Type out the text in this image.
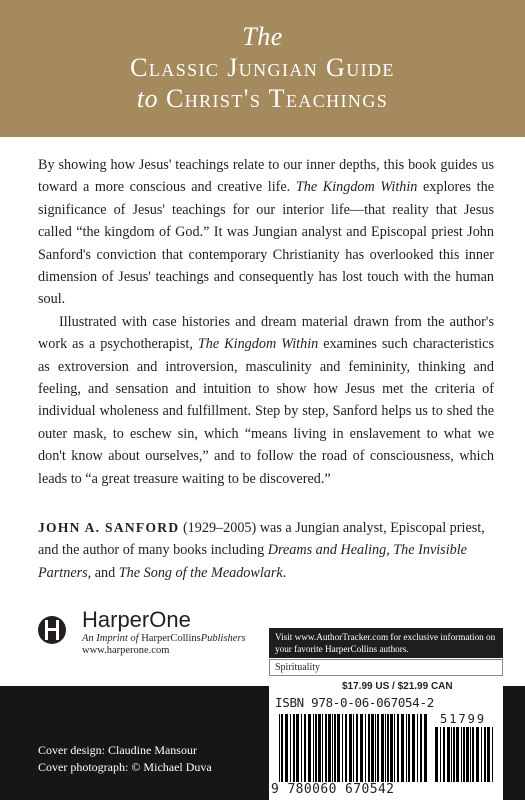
The
Classic Jungian Guide
to Christ's Teachings

By showing how Jesus' teachings relate to our inner depths, this book guides us toward a more conscious and creative life. The Kingdom Within explores the significance of Jesus' teachings for our interior life—that reality that Jesus called “the kingdom of God.” It was Jungian analyst and Episcopal priest John Sanford's conviction that contemporary Christianity has overlooked this inner dimension of Jesus' teachings and consequently has lost touch with the human soul.

Illustrated with case histories and dream material drawn from the author's work as a psychotherapist, The Kingdom Within examines such characteristics as extroversion and introversion, masculinity and femininity, thinking and feeling, and sensation and intuition to show how Jesus met the criteria of individual wholeness and fulfillment. Step by step, Sanford helps us to shed the outer mask, to eschew sin, which “means living in enslavement to what we don't know about ourselves,” and to follow the road of consciousness, which leads to “a great treasure waiting to be discovered.”

JOHN A. SANFORD (1929–2005) was a Jungian analyst, Episcopal priest, and the author of many books including Dreams and Healing, The Invisible Partners, and The Song of the Meadowlark.
HarperOne
An Imprint of HarperCollinsPublishers
www.harperone.com
Visit www.AuthorTracker.com for exclusive information on your favorite HarperCollins authors.
Spirituality
Cover design: Claudine Mansour
Cover photograph: © Michael Duva
$17.99 US / $21.99 CAN
ISBN 978-0-06-067054-2
51799
9 780060 670542
